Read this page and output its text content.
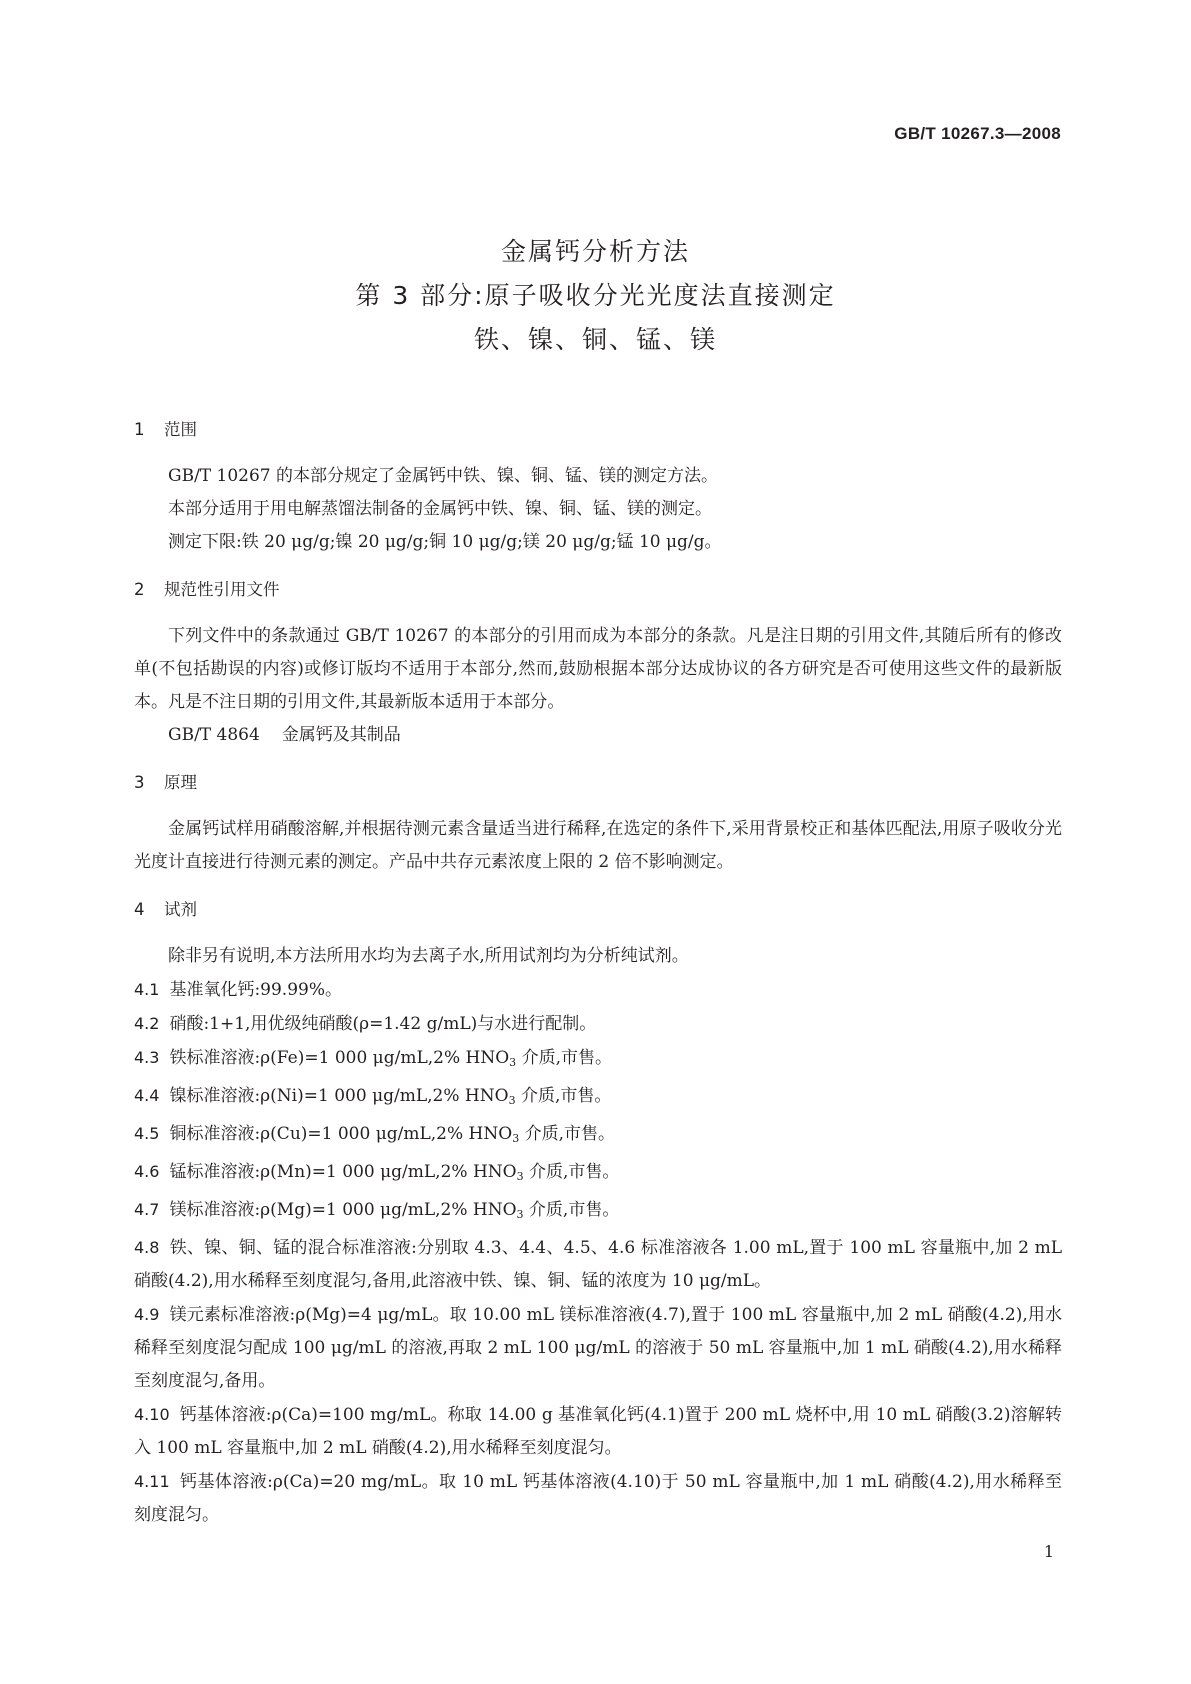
GB/T 10267.3—2008
金属钙分析方法
第 3 部分:原子吸收分光光度法直接测定
铁、镍、铜、锰、镁

1 范围

GB/T 10267 的本部分规定了金属钙中铁、镍、铜、锰、镁的测定方法。

本部分适用于用电解蒸馏法制备的金属钙中铁、镍、铜、锰、镁的测定。

测定下限:铁 20 μg/g;镍 20 μg/g;铜 10 μg/g;镁 20 μg/g;锰 10 μg/g。

2 规范性引用文件

下列文件中的条款通过 GB/T 10267 的本部分的引用而成为本部分的条款。凡是注日期的引用文件,其随后所有的修改单(不包括勘误的内容)或修订版均不适用于本部分,然而,鼓励根据本部分达成协议的各方研究是否可使用这些文件的最新版本。凡是不注日期的引用文件,其最新版本适用于本部分。

GB/T 4864 金属钙及其制品

3 原理

金属钙试样用硝酸溶解,并根据待测元素含量适当进行稀释,在选定的条件下,采用背景校正和基体匹配法,用原子吸收分光光度计直接进行待测元素的测定。产品中共存元素浓度上限的 2 倍不影响测定。

4 试剂

除非另有说明,本方法所用水均为去离子水,所用试剂均为分析纯试剂。

4.1 基准氧化钙:99.99%。

4.2 硝酸:1+1,用优级纯硝酸(ρ=1.42 g/mL)与水进行配制。

4.3 铁标准溶液:ρ(Fe)=1 000 μg/mL,2% $HNO_3$ 介质,市售。

4.4 镍标准溶液:ρ(Ni)=1 000 μg/mL,2% $HNO_3$ 介质,市售。

4.5 铜标准溶液:ρ(Cu)=1 000 μg/mL,2% $HNO_3$ 介质,市售。

4.6 锰标准溶液:ρ(Mn)=1 000 μg/mL,2% $HNO_3$ 介质,市售。

4.7 镁标准溶液:ρ(Mg)=1 000 μg/mL,2% $HNO_3$ 介质,市售。

4.8 铁、镍、铜、锰的混合标准溶液:分别取 4.3、4.4、4.5、4.6 标准溶液各 1.00 mL,置于 100 mL 容量瓶中,加 2 mL 硝酸(4.2),用水稀释至刻度混匀,备用,此溶液中铁、镍、铜、锰的浓度为 10 μg/mL。

4.9 镁元素标准溶液:ρ(Mg)=4 μg/mL。取 10.00 mL 镁标准溶液(4.7),置于 100 mL 容量瓶中,加 2 mL 硝酸(4.2),用水稀释至刻度混匀配成 100 μg/mL 的溶液,再取 2 mL 100 μg/mL 的溶液于 50 mL 容量瓶中,加 1 mL 硝酸(4.2),用水稀释至刻度混匀,备用。

4.10 钙基体溶液:ρ(Ca)=100 mg/mL。称取 14.00 g 基准氧化钙(4.1)置于 200 mL 烧杯中,用 10 mL 硝酸(3.2)溶解转入 100 mL 容量瓶中,加 2 mL 硝酸(4.2),用水稀释至刻度混匀。

4.11 钙基体溶液:ρ(Ca)=20 mg/mL。取 10 mL 钙基体溶液(4.10)于 50 mL 容量瓶中,加 1 mL 硝酸(4.2),用水稀释至刻度混匀。

1
